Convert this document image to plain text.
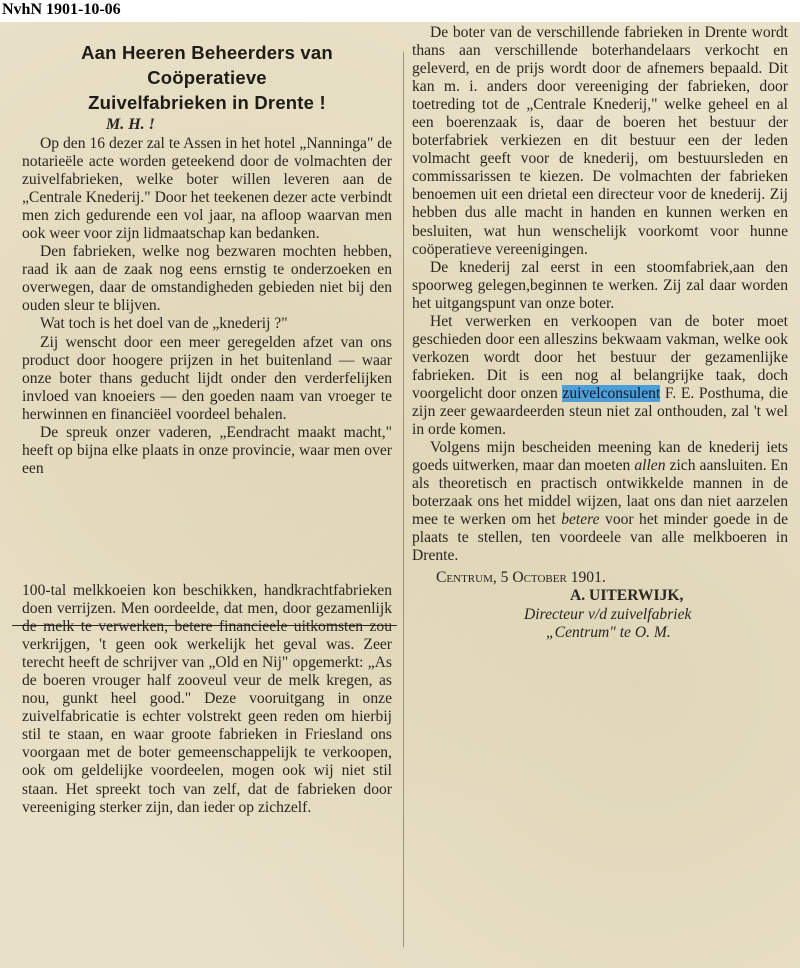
NvhN 1901-10-06

Aan Heeren Beheerders van Coöperatieve

Zuivelfabrieken in Drente !

M. H. !

Op den 16 dezer zal te Assen in het hotel „Nanninga" de notarieële acte worden geteekend door de volmachten der zuivelfabrieken, welke boter willen leveren aan de „Centrale Knederij." Door het teekenen dezer acte verbindt men zich gedurende een vol jaar, na afloop waarvan men ook weer voor zijn lidmaatschap kan bedanken.

Den fabrieken, welke nog bezwaren mochten hebben, raad ik aan de zaak nog eens ernstig te onderzoeken en overwegen, daar de omstandigheden gebieden niet bij den ouden sleur te blijven.

Wat toch is het doel van de „knederij ?"

Zij wenscht door een meer geregelden afzet van ons product door hoogere prijzen in het buitenland — waar onze boter thans geducht lijdt onder den verderfelijken invloed van knoeiers — den goeden naam van vroeger te herwinnen en financiëel voordeel behalen.

De spreuk onzer vaderen, „Eendracht maakt macht," heeft op bijna elke plaats in onze provincie, waar men over een

100-tal melkkoeien kon beschikken, handkrachtfabrieken doen verrijzen. Men oordeelde, dat men, door gezamenlijk de melk te verwerken, betere financieele uitkomsten zou verkrijgen, 't geen ook werkelijk het geval was. Zeer terecht heeft de schrijver van „Old en Nij" opgemerkt: „As de boeren vrouger half zooveul veur de melk kregen, as nou, gunkt heel good." Deze vooruitgang in onze zuivelfabricatie is echter volstrekt geen reden om hierbij stil te staan, en waar groote fabrieken in Friesland ons voorgaan met de boter gemeenschappelijk te verkoopen, ook om geldelijke voordeelen, mogen ook wij niet stil staan. Het spreekt toch van zelf, dat de fabrieken door vereeniging sterker zijn, dan ieder op zichzelf.

De boter van de verschillende fabrieken in Drente wordt thans aan verschillende boterhandelaars verkocht en geleverd, en de prijs wordt door de afnemers bepaald. Dit kan m. i. anders door vereeniging der fabrieken, door toetreding tot de „Centrale Knederij," welke geheel en al een boerenzaak is, daar de boeren het bestuur der boterfabriek verkiezen en dit bestuur een der leden volmacht geeft voor de knederij, om bestuursleden en commissarissen te kiezen. De volmachten der fabrieken benoemen uit een drietal een directeur voor de knederij. Zij hebben dus alle macht in handen en kunnen werken en besluiten, wat hun wenschelijk voorkomt voor hunne coöperatieve vereenigingen.

De knederij zal eerst in een stoomfabriek,aan den spoorweg gelegen,beginnen te werken. Zij zal daar worden het uitgangspunt van onze boter.

Het verwerken en verkoopen van de boter moet geschieden door een alleszins bekwaam vakman, welke ook verkozen wordt door het bestuur der gezamenlijke fabrieken. Dit is een nog al belangrijke taak, doch voorgelicht door onzen zuivelconsulent F. E. Posthuma, die zijn zeer gewaardeerden steun niet zal onthouden, zal 't wel in orde komen.

Volgens mijn bescheiden meening kan de knederij iets goeds uitwerken, maar dan moeten allen zich aansluiten. En als theoretisch en practisch ontwikkelde mannen in de boterzaak ons het middel wijzen, laat ons dan niet aarzelen mee te werken om het betere voor het minder goede in de plaats te stellen, ten voordeele van alle melkboeren in Drente.

Centrum, 5 October 1901.

A. UITERWIJK,

Directeur v/d zuivelfabriek

„Centrum" te O. M.
